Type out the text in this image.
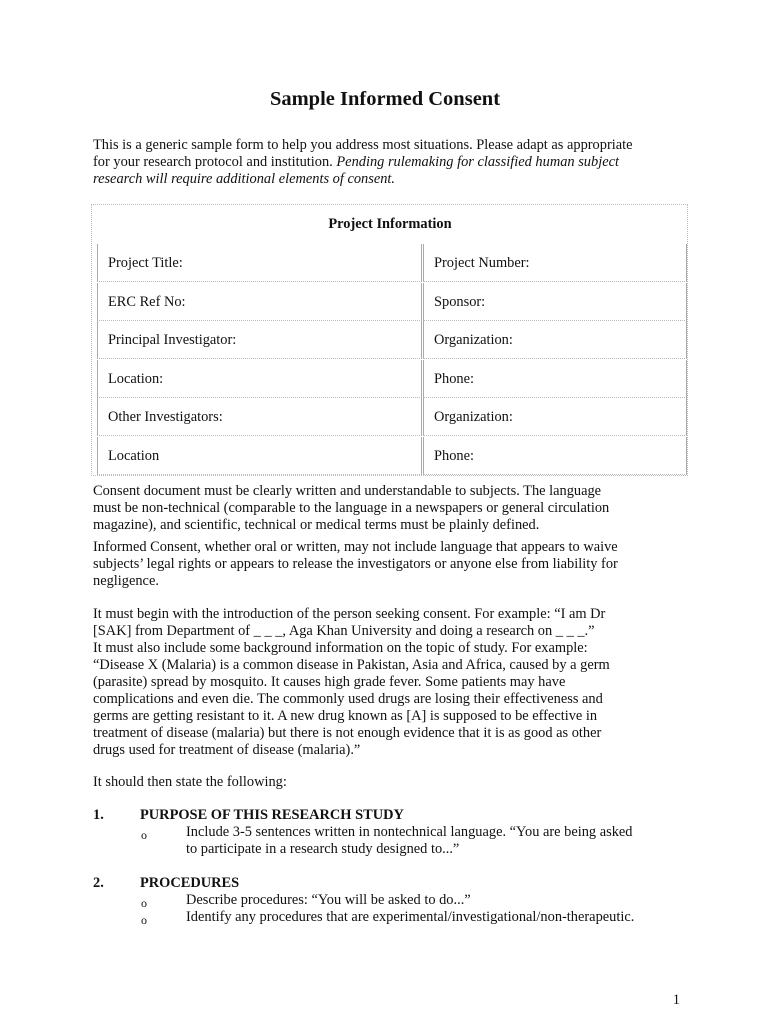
Sample Informed Consent
This is a generic sample form to help you address most situations. Please adapt as appropriate
for your research protocol and institution. Pending rulemaking for classified human subject
research will require additional elements of consent.
Project Information
Project Title:	Project Number:
ERC Ref No:	Sponsor:
Principal Investigator:	Organization:
Location:	Phone:
Other Investigators:	Organization:
Location	Phone:
Consent document must be clearly written and understandable to subjects. The language
must be non-technical (comparable to the language in a newspapers or general circulation
magazine), and scientific, technical or medical terms must be plainly defined.
Informed Consent, whether oral or written, may not include language that appears to waive
subjects’ legal rights or appears to release the investigators or anyone else from liability for
negligence.
It must begin with the introduction of the person seeking consent. For example: “I am Dr
[SAK] from Department of _ _ _, Aga Khan University and doing a research on _ _ _.”
It must also include some background information on the topic of study. For example:
“Disease X (Malaria) is a common disease in Pakistan, Asia and Africa, caused by a germ
(parasite) spread by mosquito. It causes high grade fever. Some patients may have
complications and even die. The commonly used drugs are losing their effectiveness and
germs are getting resistant to it. A new drug known as [A] is supposed to be effective in
treatment of disease (malaria) but there is not enough evidence that it is as good as other
drugs used for treatment of disease (malaria).”
It should then state the following:
1.	PURPOSE OF THIS RESEARCH STUDY
o	Include 3-5 sentences written in nontechnical language. “You are being asked
to participate in a research study designed to...”
2.	PROCEDURES
o	Describe procedures: “You will be asked to do...”
o	Identify any procedures that are experimental/investigational/non-therapeutic.
1
